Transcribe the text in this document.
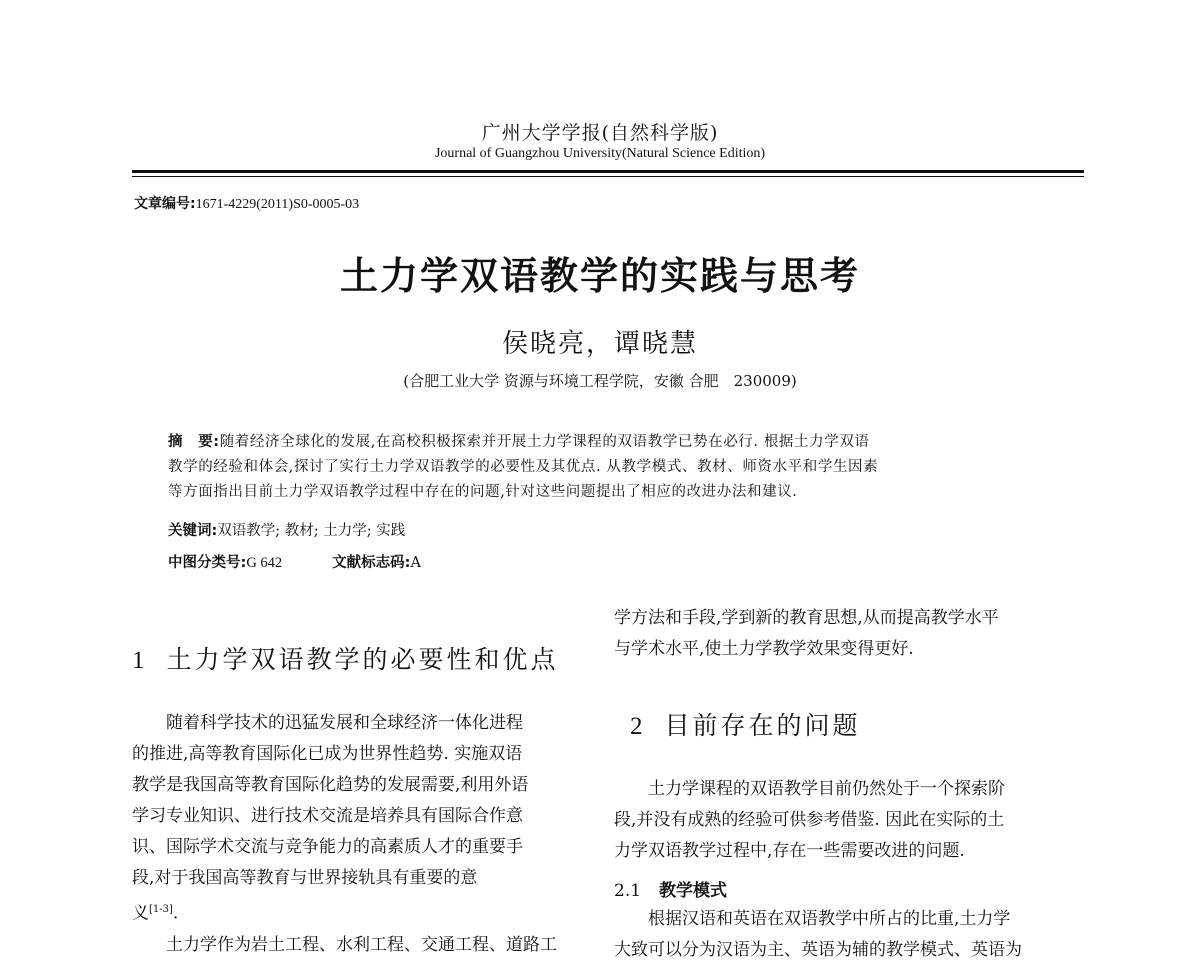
广州大学学报(自然科学版)
Journal of Guangzhou University(Natural Science Edition)
文章编号:1671-4229(2011)S0-0005-03
土力学双语教学的实践与思考
侯晓亮，谭晓慧
(合肥工业大学 资源与环境工程学院，安徽 合肥　230009)
摘　要:随着经济全球化的发展,在高校积极探索并开展土力学课程的双语教学已势在必行. 根据土力学双语
教学的经验和体会,探讨了实行土力学双语教学的必要性及其优点. 从教学模式、教材、师资水平和学生因素
等方面指出目前土力学双语教学过程中存在的问题,针对这些问题提出了相应的改进办法和建议.
关键词:双语教学; 教材; 土力学; 实践
中图分类号:G 642	文献标志码:A
1 土力学双语教学的必要性和优点
随着科学技术的迅猛发展和全球经济一体化进程
的推进,高等教育国际化已成为世界性趋势. 实施双语
教学是我国高等教育国际化趋势的发展需要,利用外语
学习专业知识、进行技术交流是培养具有国际合作意
识、国际学术交流与竞争能力的高素质人才的重要手
段,对于我国高等教育与世界接轨具有重要的意
义[1-3].
土力学作为岩土工程、水利工程、交通工程、道路工
学方法和手段,学到新的教育思想,从而提高教学水平
与学术水平,使土力学教学效果变得更好.
2 目前存在的问题
土力学课程的双语教学目前仍然处于一个探索阶
段,并没有成熟的经验可供参考借鉴. 因此在实际的土
力学双语教学过程中,存在一些需要改进的问题.
2.1 教学模式
根据汉语和英语在双语教学中所占的比重,土力学
大致可以分为汉语为主、英语为辅的教学模式、英语为
